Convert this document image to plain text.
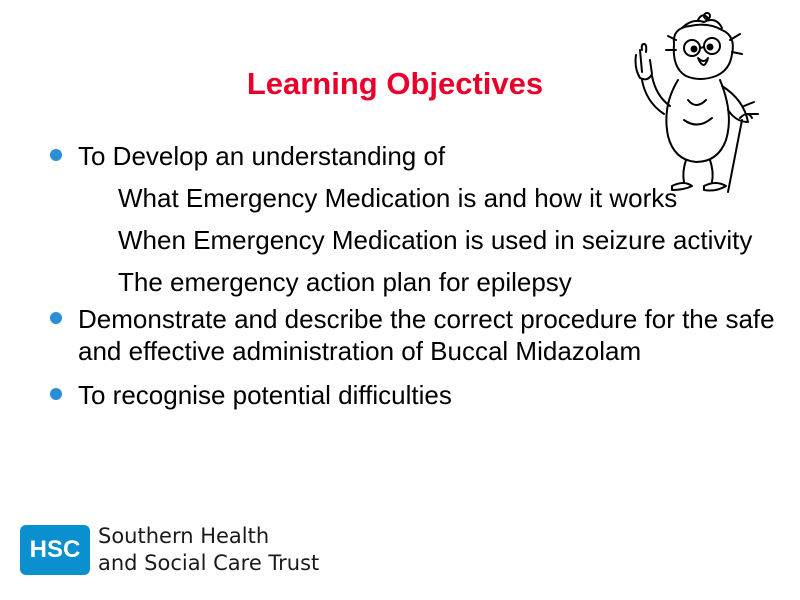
Learning Objectives
To Develop an understanding of
What Emergency Medication is and how it works
When Emergency Medication is used in seizure activity
The emergency action plan for epilepsy
Demonstrate and describe the correct procedure for the safe and effective administration of Buccal Midazolam
To recognise potential difficulties
HSC Southern Health
and Social Care Trust
